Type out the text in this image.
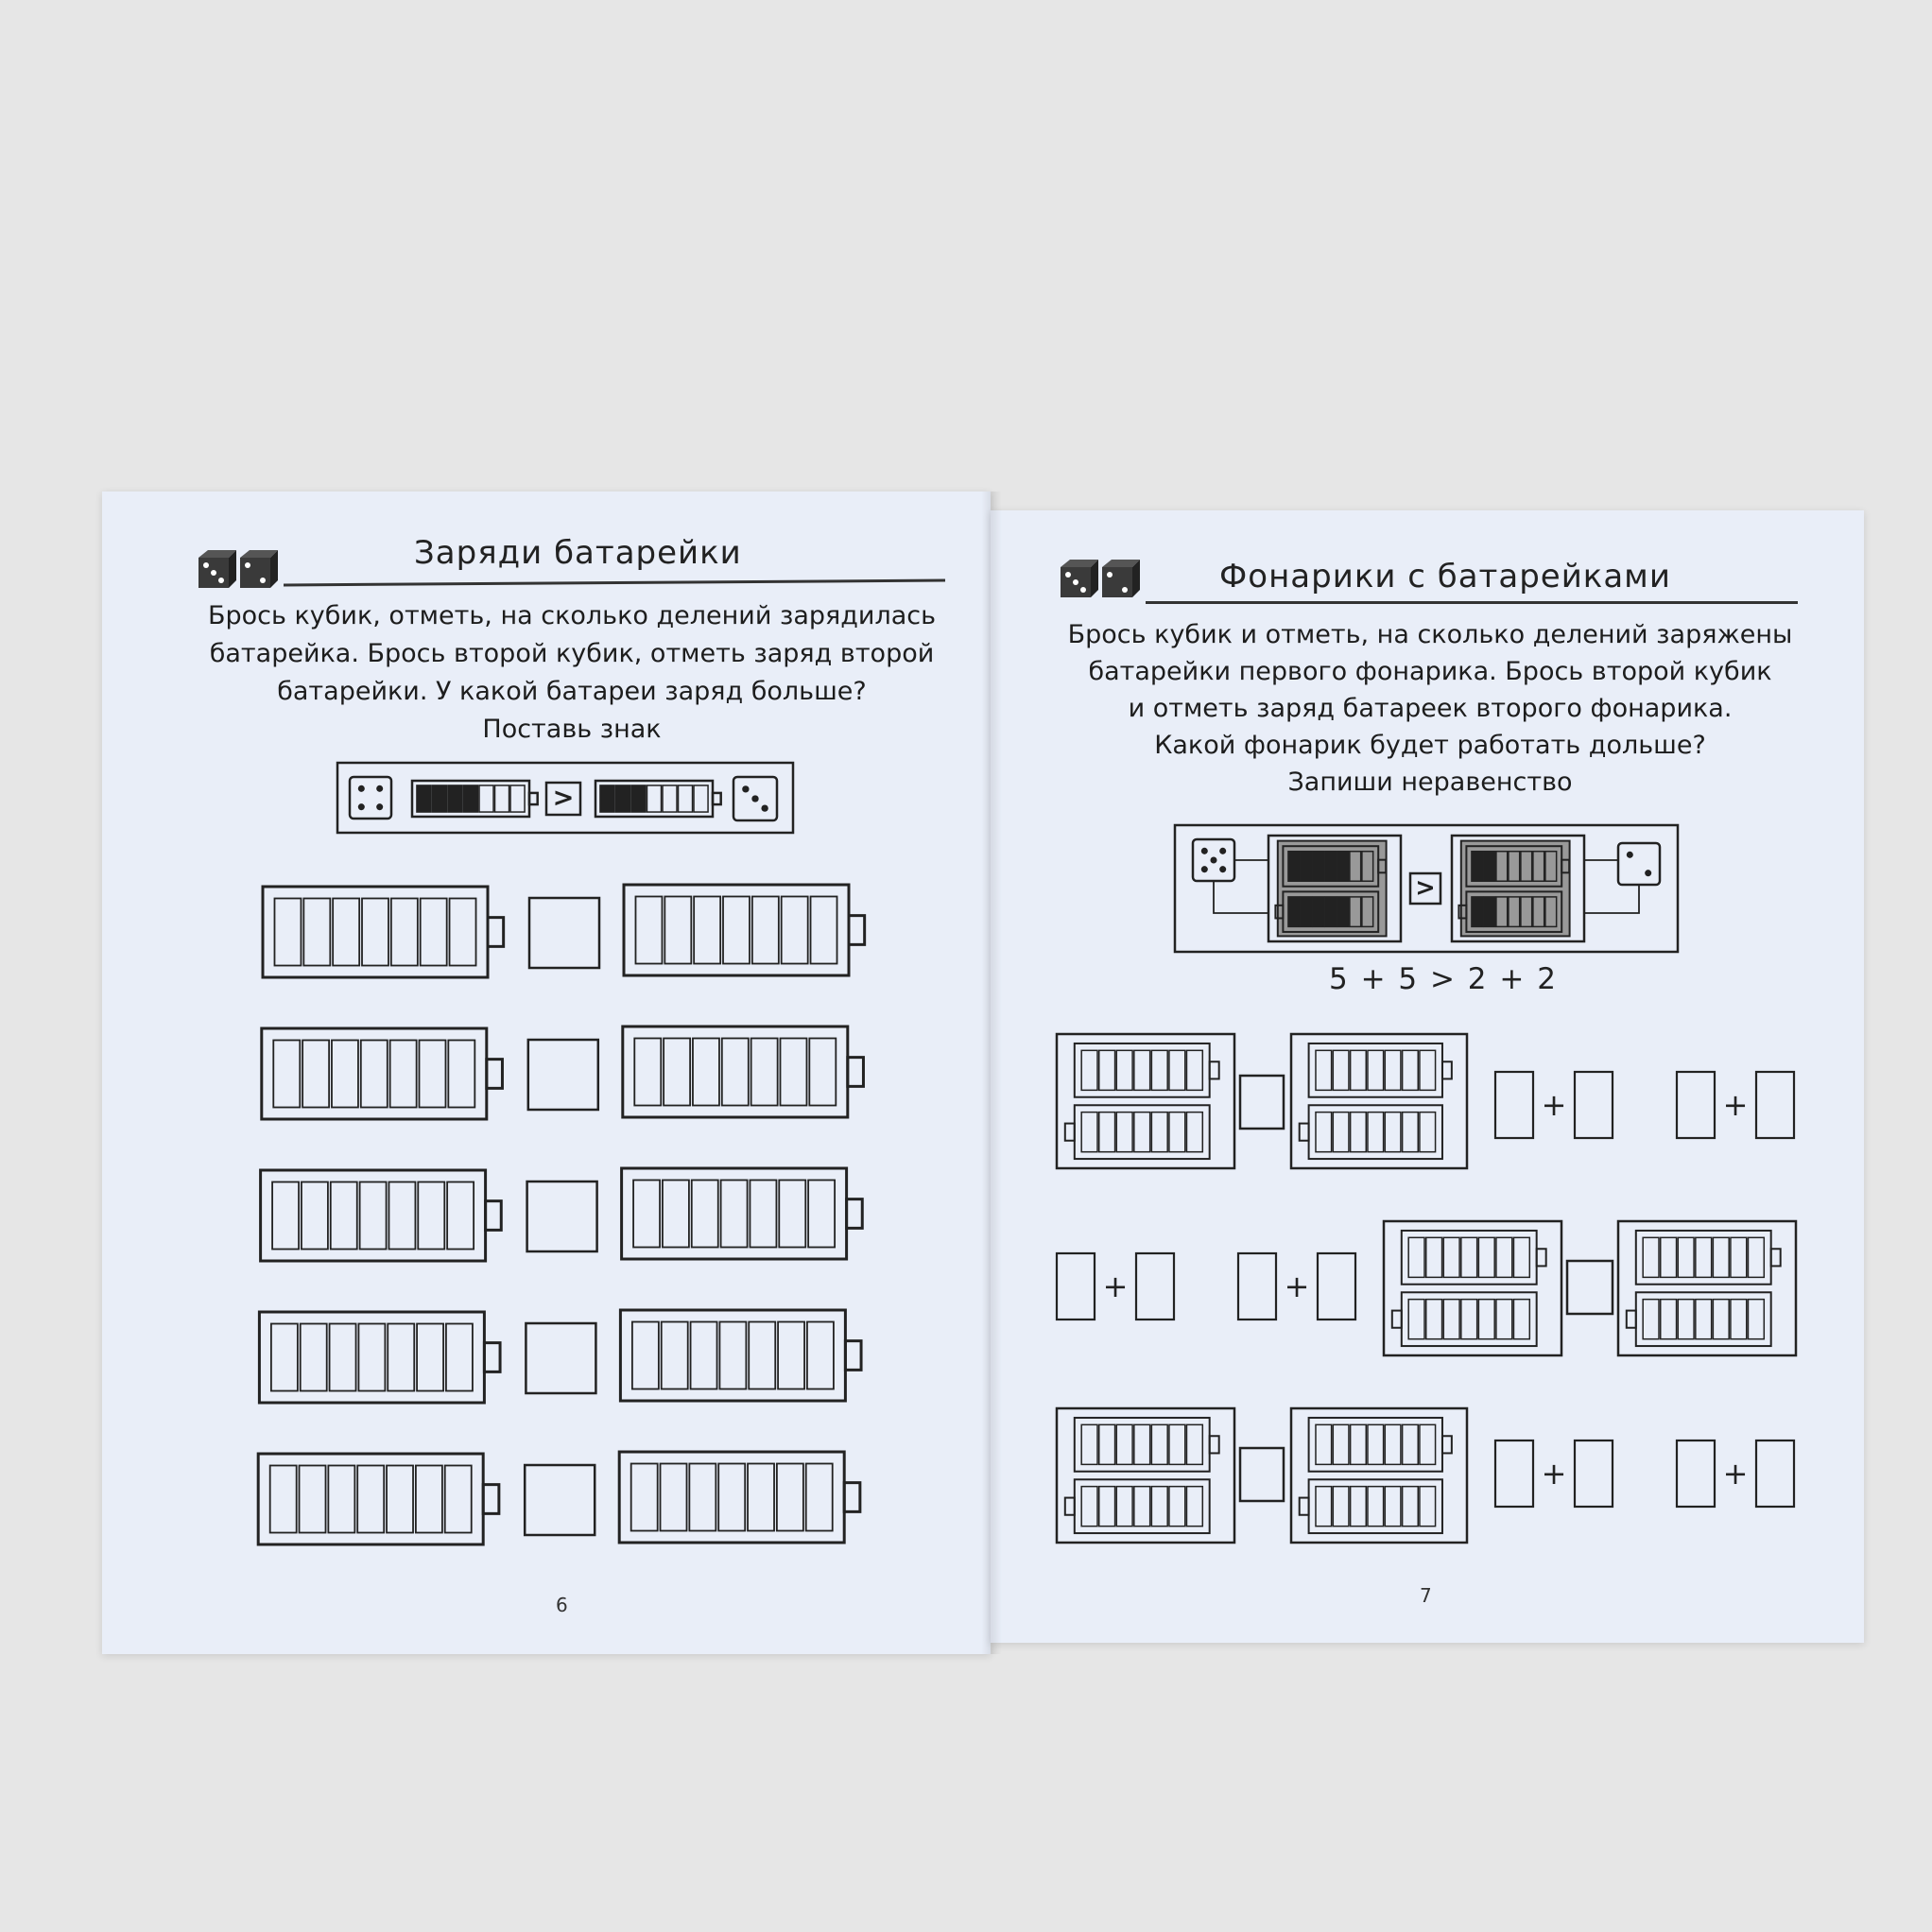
Заряди батарейки
Брось кубик, отметь, на сколько делений зарядилась
батарейка. Брось второй кубик, отметь заряд второй
батарейки. У какой батареи заряд больше?
Поставь знак
>
6
Фонарики с батарейками
Брось кубик и отметь, на сколько делений заряжены
батарейки первого фонарика. Брось второй кубик
и отметь заряд батареек второго фонарика.
Какой фонарик будет работать дольше?
Запиши неравенство
>
5 + 5 > 2 + 2
+	+
+	+
+	+
7
